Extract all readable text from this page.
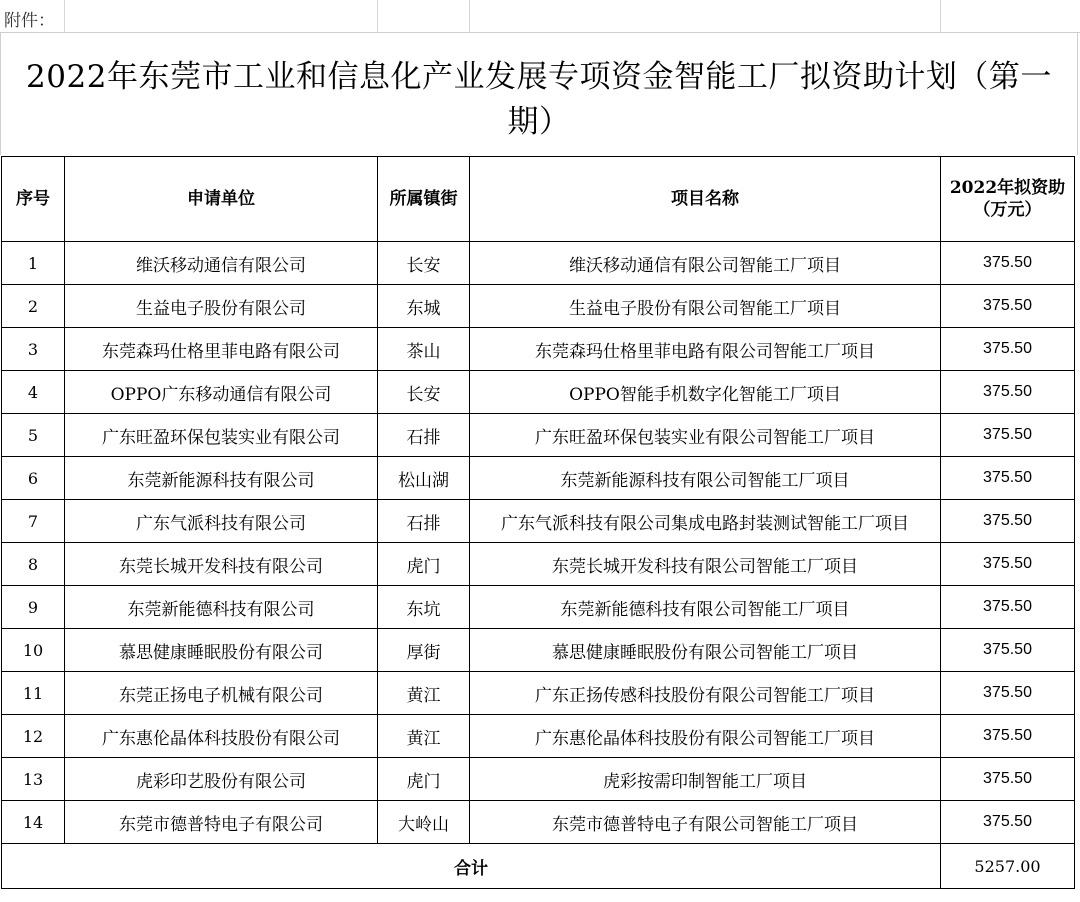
附件：
2022年东莞市工业和信息化产业发展专项资金智能工厂拟资助计划（第一期）
序号	申请单位	所属镇街	项目名称	2022年拟资助
（万元）

1	维沃移动通信有限公司	长安	维沃移动通信有限公司智能工厂项目	375.50
2	生益电子股份有限公司	东城	生益电子股份有限公司智能工厂项目	375.50
3	东莞森玛仕格里菲电路有限公司	茶山	东莞森玛仕格里菲电路有限公司智能工厂项目	375.50
4	OPPO广东移动通信有限公司	长安	OPPO智能手机数字化智能工厂项目	375.50
5	广东旺盈环保包装实业有限公司	石排	广东旺盈环保包装实业有限公司智能工厂项目	375.50
6	东莞新能源科技有限公司	松山湖	东莞新能源科技有限公司智能工厂项目	375.50
7	广东气派科技有限公司	石排	广东气派科技有限公司集成电路封装测试智能工厂项目	375.50
8	东莞长城开发科技有限公司	虎门	东莞长城开发科技有限公司智能工厂项目	375.50
9	东莞新能德科技有限公司	东坑	东莞新能德科技有限公司智能工厂项目	375.50
10	慕思健康睡眠股份有限公司	厚街	慕思健康睡眠股份有限公司智能工厂项目	375.50
11	东莞正扬电子机械有限公司	黄江	广东正扬传感科技股份有限公司智能工厂项目	375.50
12	广东惠伦晶体科技股份有限公司	黄江	广东惠伦晶体科技股份有限公司智能工厂项目	375.50
13	虎彩印艺股份有限公司	虎门	虎彩按需印制智能工厂项目	375.50
14	东莞市德普特电子有限公司	大岭山	东莞市德普特电子有限公司智能工厂项目	375.50
合计				5257.00
